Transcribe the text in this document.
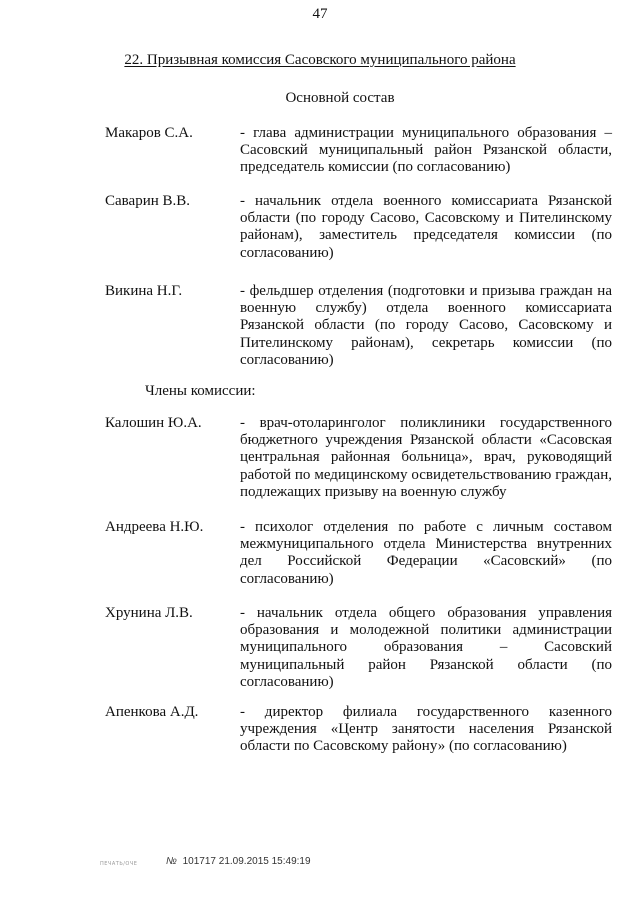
47
22. Призывная комиссия Сасовского муниципального района
Основной состав
Макаров С.А.	- глава администрации муниципального образования – Сасовский муниципальный район Рязанской области, председатель комиссии (по согласованию)
Саварин В.В.	- начальник отдела военного комиссариата Рязанской области (по городу Сасово, Сасовскому и Пителинскому районам), заместитель председателя комиссии (по согласованию)
Викина Н.Г.	- фельдшер отделения (подготовки и призыва граждан на военную службу) отдела военного комиссариата Рязанской области (по городу Сасово, Сасовскому и Пителинскому районам), секретарь комиссии (по согласованию)
Члены комиссии:
Калошин Ю.А.	- врач-отоларинголог поликлиники государственного бюджетного учреждения Рязанской области «Сасовская центральная районная больница», врач, руководящий работой по медицинскому освидетельствованию граждан, подлежащих призыву на военную службу
Андреева Н.Ю. - психолог отделения по работе с личным составом межмуниципального отдела Министерства внутренних дел Российской Федерации «Сасовский» (по согласованию)
Хрунина Л.В.	- начальник отдела общего образования управления образования и молодежной политики администрации муниципального образования – Сасовский муниципальный район Рязанской области (по согласованию)
Апенкова А.Д.	- директор филиала государственного казенного учреждения «Центр занятости населения Рязанской области по Сасовскому району» (по согласованию)
ПЕЧАТЬ/ОЧЕ	№ 101717 21.09.2015 15:49:19
